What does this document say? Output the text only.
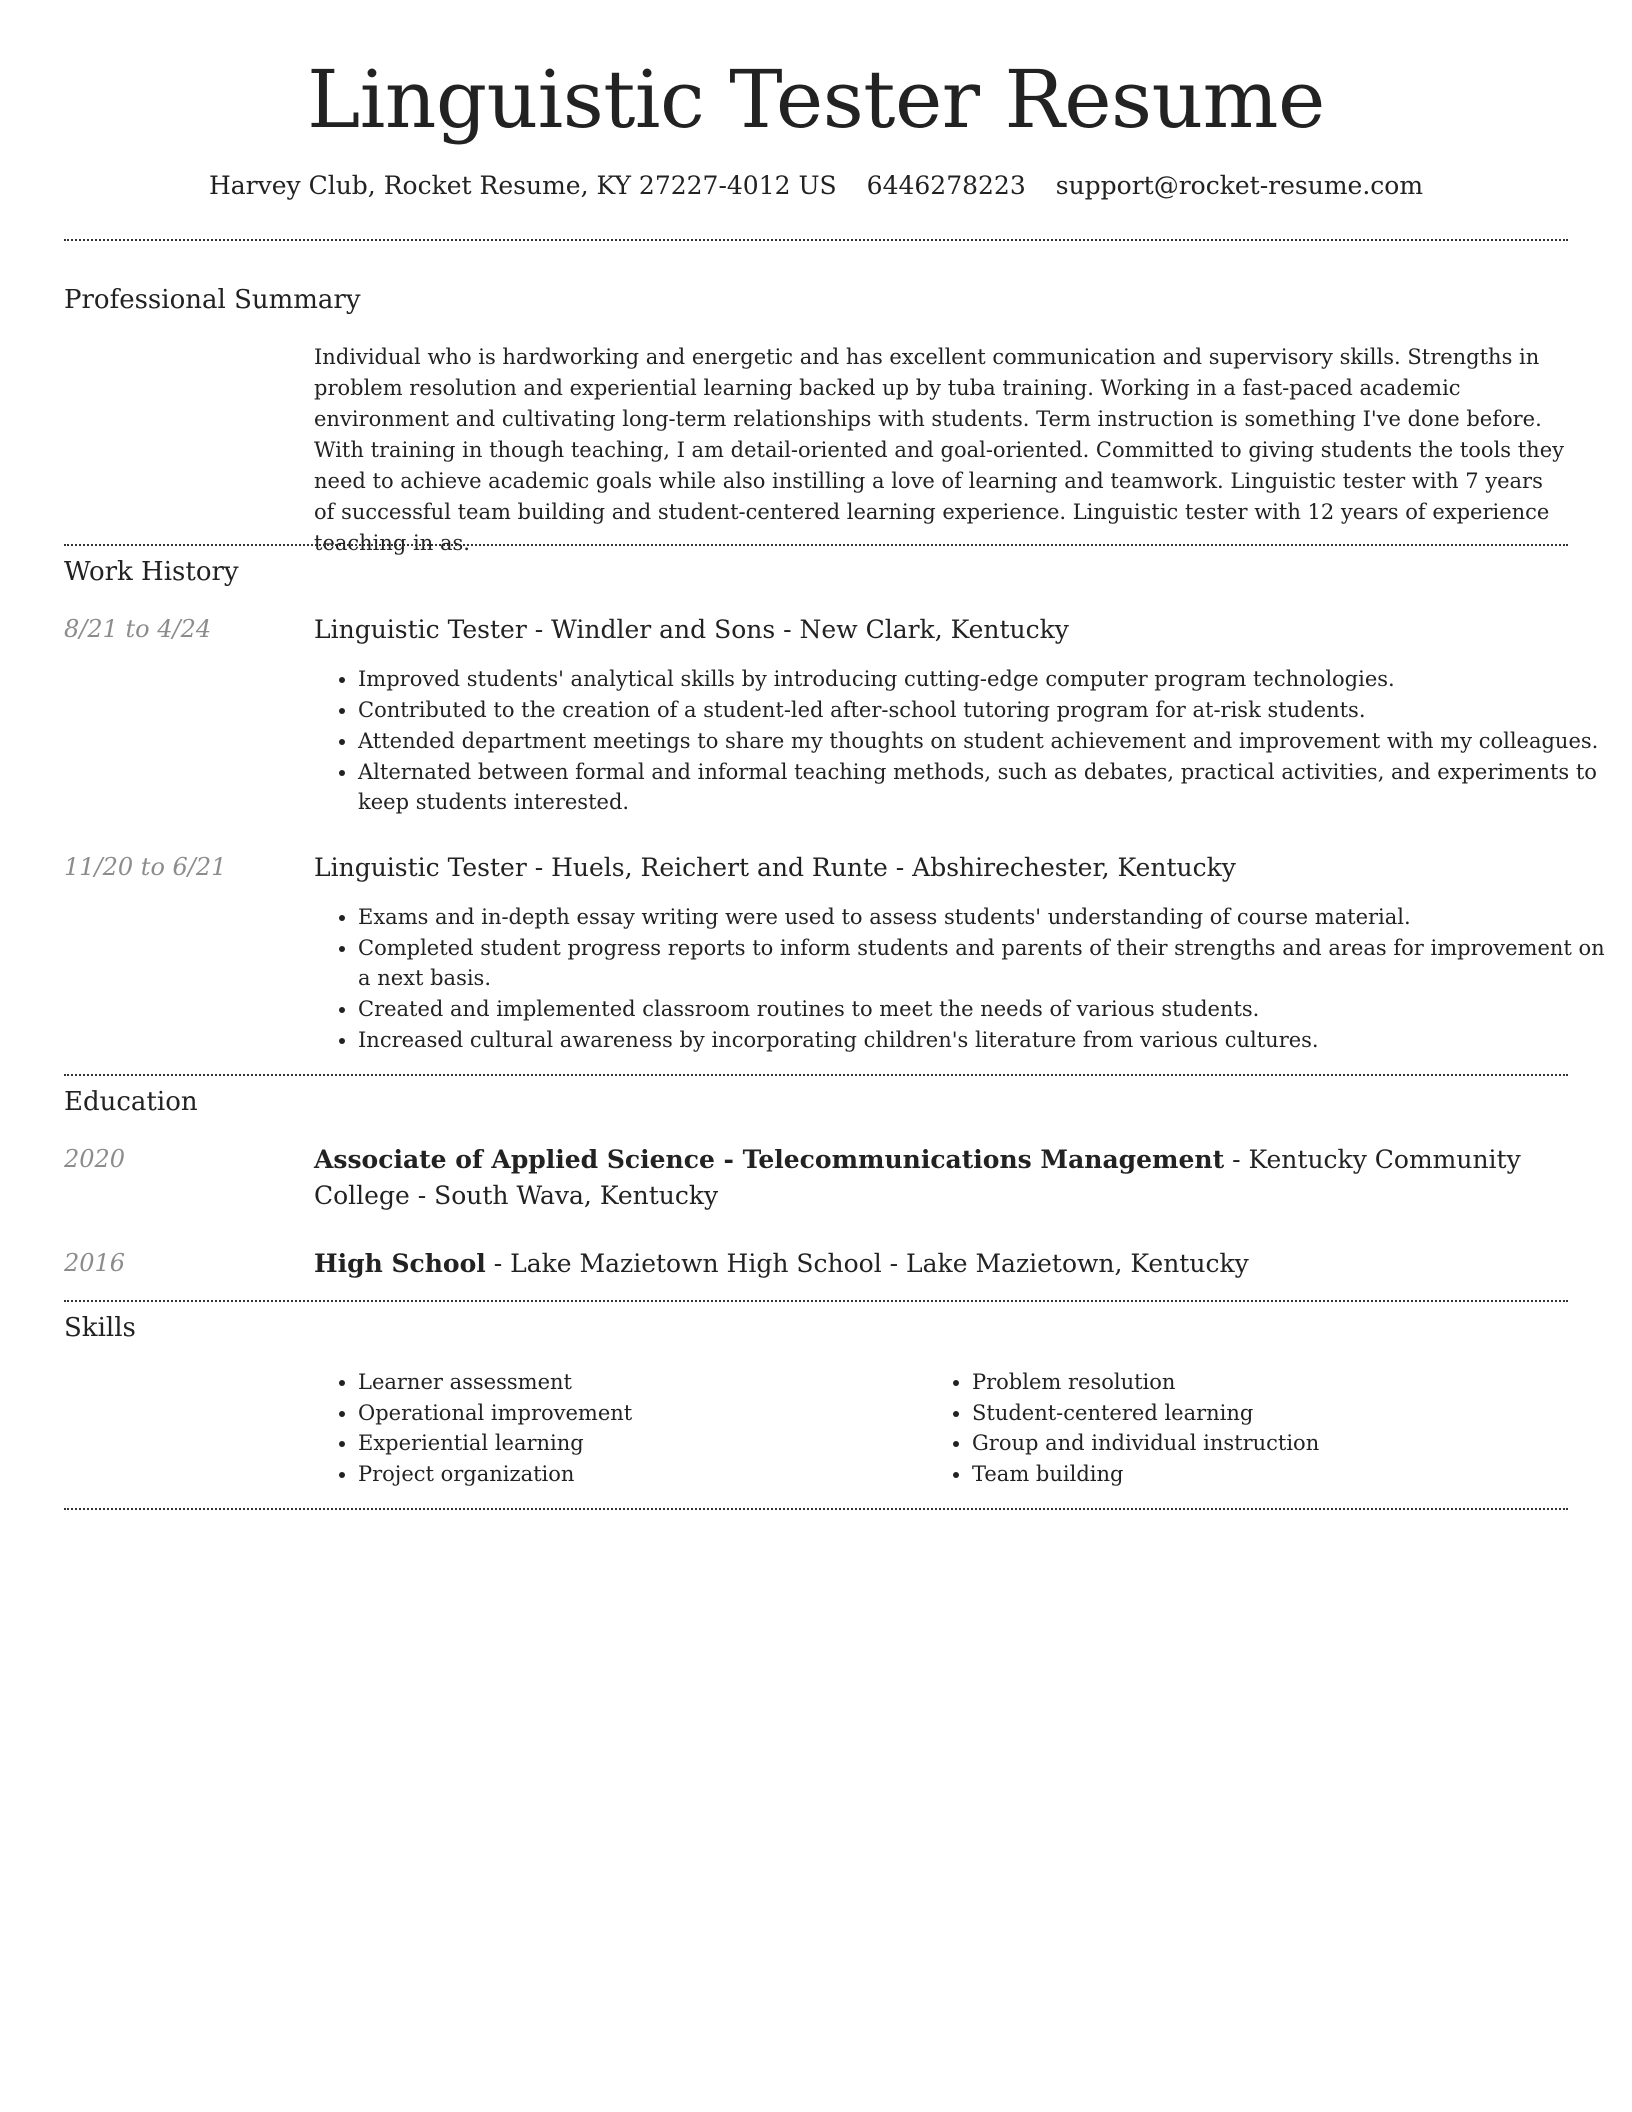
Linguistic Tester Resume
Harvey Club, Rocket Resume, KY 27227-4012 US 6446278223 support@rocket-resume.com
Professional Summary
Individual who is hardworking and energetic and has excellent communication and supervisory skills. Strengths in problem resolution and experiential learning backed up by tuba training. Working in a fast-paced academic environment and cultivating long-term relationships with students. Term instruction is something I've done before. With training in though teaching, I am detail-oriented and goal-oriented. Committed to giving students the tools they need to achieve academic goals while also instilling a love of learning and teamwork. Linguistic tester with 7 years of successful team building and student-centered learning experience. Linguistic tester with 12 years of experience teaching in as.
Work History
8/21 to 4/24	Linguistic Tester - Windler and Sons - New Clark, Kentucky
• Improved students' analytical skills by introducing cutting-edge computer program technologies.
• Contributed to the creation of a student-led after-school tutoring program for at-risk students.
• Attended department meetings to share my thoughts on student achievement and improvement with my colleagues.
• Alternated between formal and informal teaching methods, such as debates, practical activities, and experiments to keep students interested.
11/20 to 6/21	Linguistic Tester - Huels, Reichert and Runte - Abshirechester, Kentucky
• Exams and in-depth essay writing were used to assess students' understanding of course material.
• Completed student progress reports to inform students and parents of their strengths and areas for improvement on a next basis.
• Created and implemented classroom routines to meet the needs of various students.
• Increased cultural awareness by incorporating children's literature from various cultures.
Education
2020	Associate of Applied Science - Telecommunications Management - Kentucky Community College - South Wava, Kentucky
2016	High School - Lake Mazietown High School - Lake Mazietown, Kentucky
Skills
• Learner assessment
• Operational improvement
• Experiential learning
• Project organization
• Problem resolution
• Student-centered learning
• Group and individual instruction
• Team building
